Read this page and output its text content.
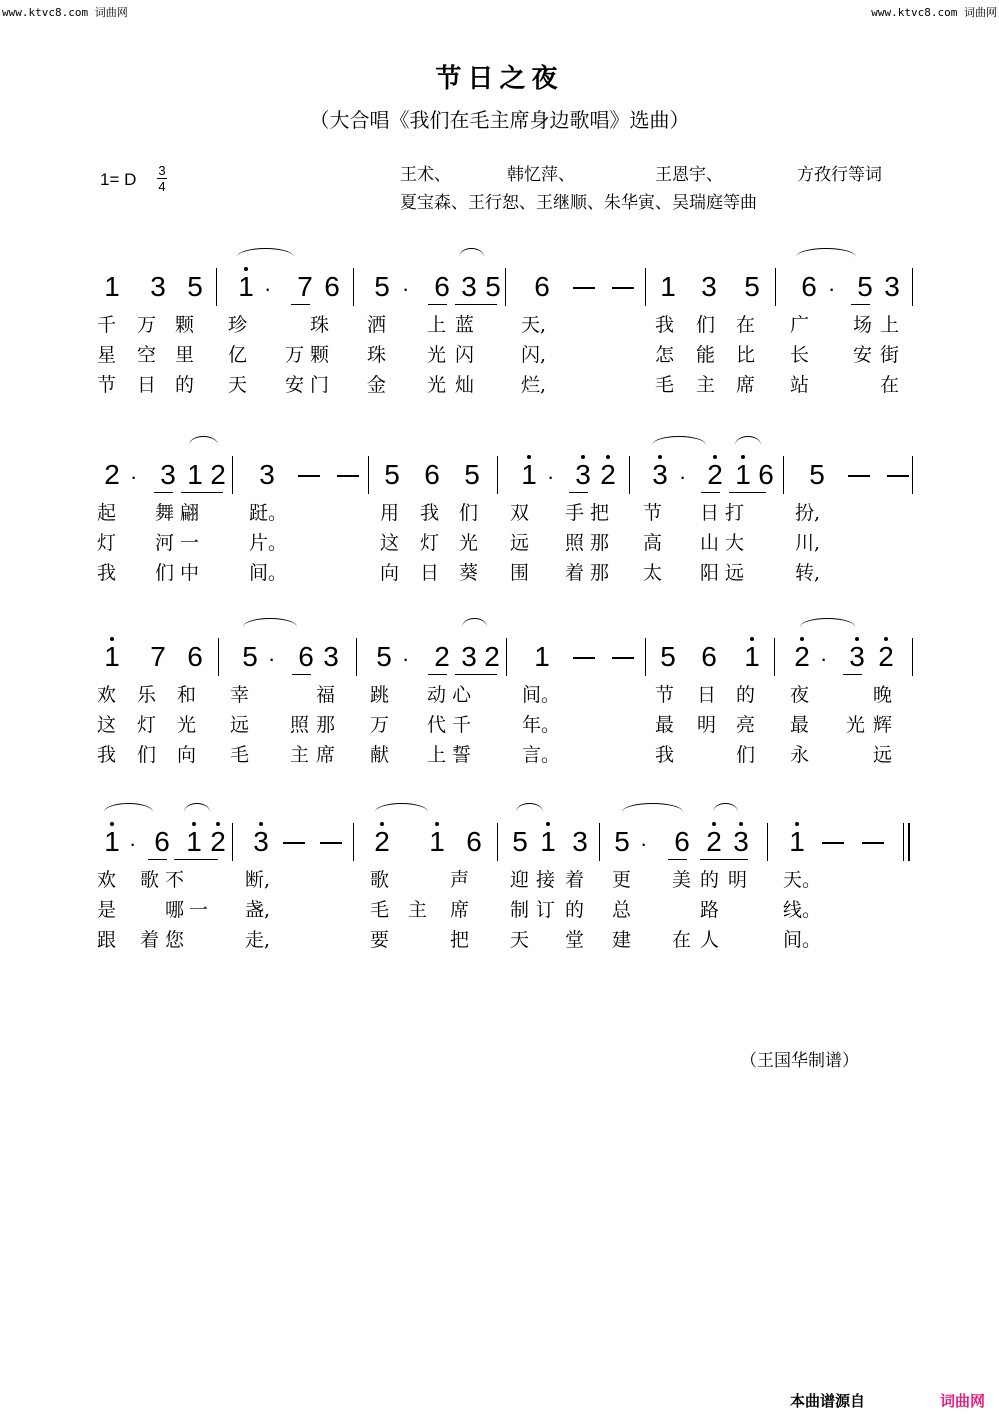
www.ktvc8.com 词曲网	www.ktvc8.com 词曲网
节日之夜
（大合唱《我们在毛主席身边歌唱》选曲）
1= D 3
4
王术、	韩忆萍、	王恩宇、	方孜行等词
夏宝森、王行恕、王继顺、朱华寅、吴瑞庭等曲
1 3 5 1 · 7 6 5 · 6 3 5 6	1 3 5 6 · 5 3
千 万 颗 珍	珠 洒 上 蓝 天,	我 们 在 广 场 上
星 空 里 亿 万 颗 珠 光 闪 闪,	怎 能 比 长 安 街
节 日 的 天 安 门 金 光 灿 烂,	毛 主 席 站	在
2 · 3 1 2 3	5 6 5 1 · 3 2 3 · 2 1 6 5
起 舞 翩	跹。	用 我 们 双 手 把 节 日 打	扮,
灯 河 一	片。	这 灯 光 远 照 那 高 山 大	川,
我 们 中	间。	向 日 葵 围 着 那 太 阳 远	转,
1 7 6 5 · 6 3 5 · 2 3 2 1	5 6 1 2 · 3 2
欢 乐 和 幸	福 跳 动 心	间。	节 日 的 夜	晚
这 灯 光 远 照 那 万 代 千	年。	最 明 亮 最 光 辉
我 们 向 毛 主 席 献 上 誓	言。	我	们 永	远
1 · 6 1 2 3	2 1 6 5 1 3 5 · 6 2 3 1
欢 歌 不	断,	歌	声 迎 接 着 更 美 的 明 天。
是	哪 一 盏,	毛 主 席 制 订 的 总	路	线。
跟 着 您	走,	要	把 天 堂 建 在 人	间。
（王国华制谱）
本曲谱源自	词曲网
